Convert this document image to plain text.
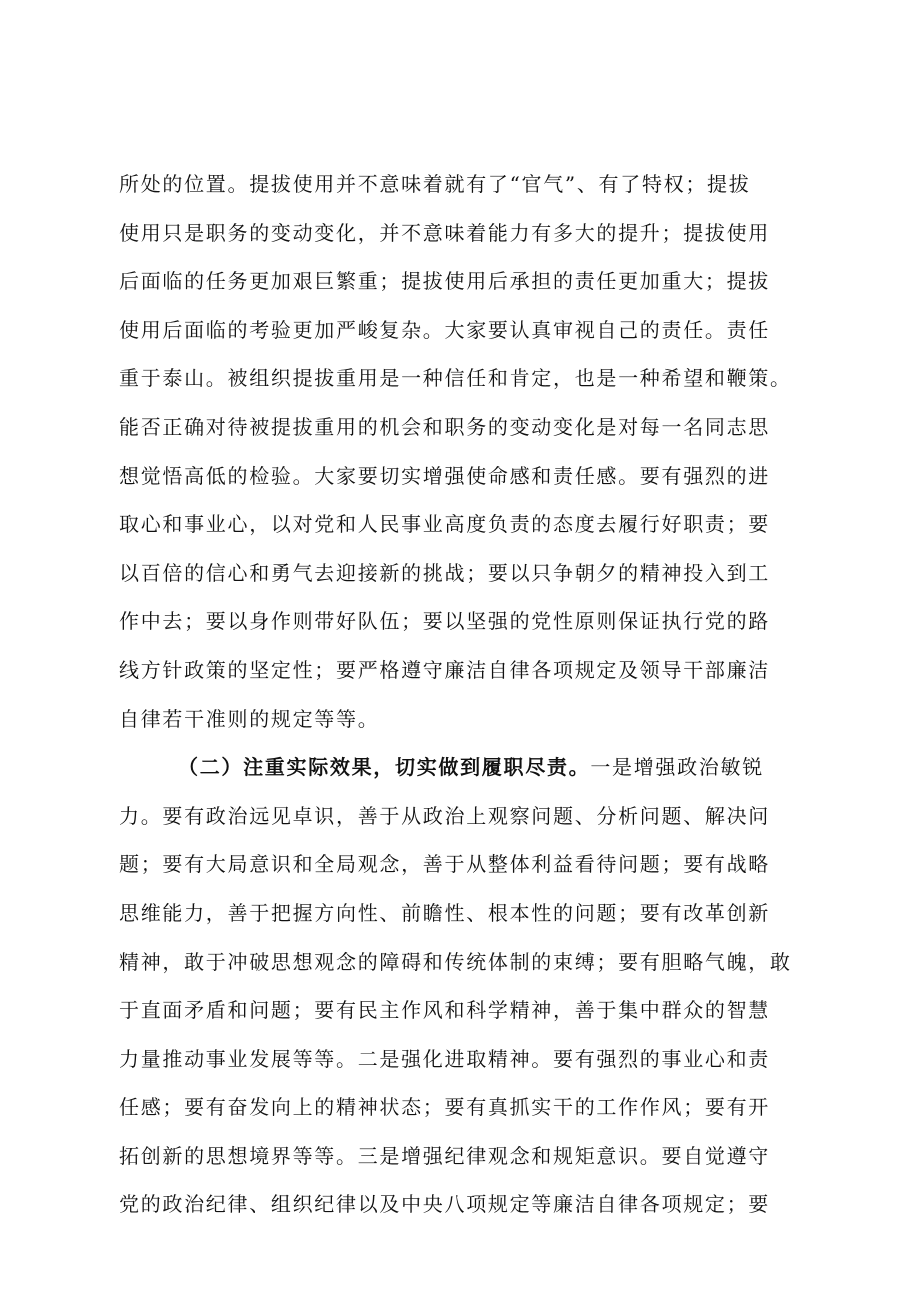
所处的位置。提拔使用并不意味着就有了“官气”、有了特权；提拔
使用只是职务的变动变化，并不意味着能力有多大的提升；提拔使用
后面临的任务更加艰巨繁重；提拔使用后承担的责任更加重大；提拔
使用后面临的考验更加严峻复杂。大家要认真审视自己的责任。责任
重于泰山。被组织提拔重用是一种信任和肯定，也是一种希望和鞭策。
能否正确对待被提拔重用的机会和职务的变动变化是对每一名同志思
想觉悟高低的检验。大家要切实增强使命感和责任感。要有强烈的进
取心和事业心，以对党和人民事业高度负责的态度去履行好职责；要
以百倍的信心和勇气去迎接新的挑战；要以只争朝夕的精神投入到工
作中去；要以身作则带好队伍；要以坚强的党性原则保证执行党的路
线方针政策的坚定性；要严格遵守廉洁自律各项规定及领导干部廉洁
自律若干准则的规定等等。
（二）注重实际效果，切实做到履职尽责。一是增强政治敏锐
力。要有政治远见卓识，善于从政治上观察问题、分析问题、解决问
题；要有大局意识和全局观念，善于从整体利益看待问题；要有战略
思维能力，善于把握方向性、前瞻性、根本性的问题；要有改革创新
精神，敢于冲破思想观念的障碍和传统体制的束缚；要有胆略气魄，敢
于直面矛盾和问题；要有民主作风和科学精神，善于集中群众的智慧
力量推动事业发展等等。二是强化进取精神。要有强烈的事业心和责
任感；要有奋发向上的精神状态；要有真抓实干的工作作风；要有开
拓创新的思想境界等等。三是增强纪律观念和规矩意识。要自觉遵守
党的政治纪律、组织纪律以及中央八项规定等廉洁自律各项规定；要
